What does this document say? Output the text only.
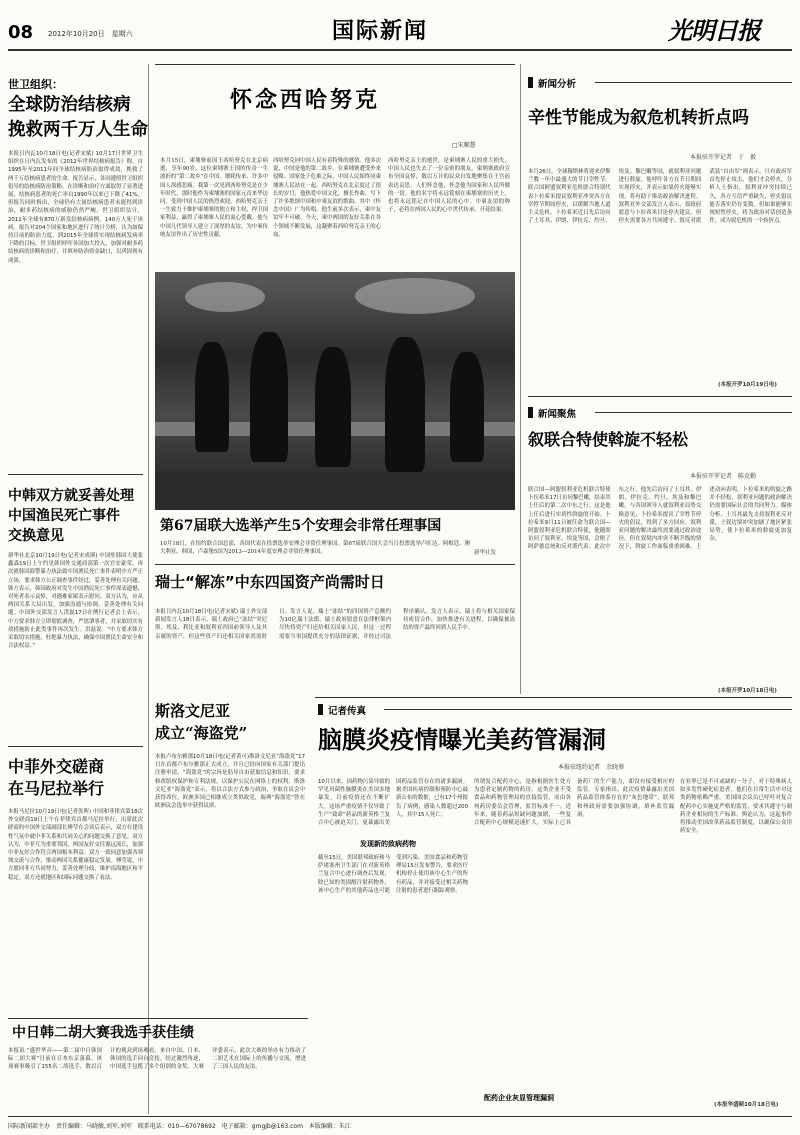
08 2012年10月20日　星期六	国际新闻	光明日报
世卫组织：
全球防治结核病
挽救两千万人生命
本报日内瓦10月18日电(记者宋斌) 10月17日世界卫生组织在日内瓦发布的《2012年世界结核病报告》称，自1995年至2011年间全球结核病防治取得成效，挽救了两千万结核病患者的生命。报告显示，各国遵照世卫组织倡导的结核病防治策略，在诊断和治疗方面取得了显著进展。结核病患者的死亡率自1990年以来已下降了41%。但报告同时指出，全球仍有大量结核病患者未能得到诊治，耐多药结核病的威胁仍然严峻。世卫组织估计，2011年全球有870万新发结核病病例，140万人死于该病。报告对204个国家和地区进行了统计分析，认为如保持目前的防治力度，到2015年全球将实现结核病发病率下降的目标。世卫组织呼吁各国加大投入，加强对耐多药结核病的诊断和治疗，并填补防治资金缺口，以巩固现有成果。
中韩双方就妥善处理
中国渔民死亡事件
交换意见
新华社北京10月19日电(记者宋成瑛) 中国驻韩国大使张鑫森19日上午约见韩国外交通商部第一次官安豪荣，再次就韩国海警暴力执法致中国渔民死亡事件表明中方严正立场，要求韩方公正调查事件经过，妥善处理有关问题。韩方表示，韩国政府对发生中国渔民死亡事件深表遗憾，对死者表示哀悼，对遇难家属表示慰问。双方认为，应从两国关系大局出发，加强沟通与协调，妥善处理有关问题。中国外交部发言人洪磊17日在例行记者会上表示，中方要求韩方立即彻底调查，严惩肇事者，并采取切实有效措施防止此类事件再次发生。洪磊说：“中方要求韩方采取切实措施，杜绝暴力执法，确保中国渔民生命安全和合法权益。”
中菲外交磋商
在马尼拉举行
本报马尼拉10月19日电(记者张晖) 中国和菲律宾第18次外交磋商19日上午在菲律宾首都马尼拉举行。出席此次磋商的中国外交部副部长傅莹在会谈后表示，双方在建设性气氛中就中菲关系和共同关心的问题交换了意见。双方认为，中菲互为重要邻国，两国友好交往源远流长，加强中菲友好合作符合两国根本利益。双方一致同意加强各领域交流与合作，推动两国关系健康稳定发展。傅莹说，中方愿同菲方共同努力，妥善处理分歧，维护南海地区和平稳定。双方还就地区和国际问题交换了看法。
怀念西哈努克
□宋顺慧
本月15日，柬埔寨前国王西哈努克在北京病逝，享年90岁。这位柬埔寨王国的传奇一生波折的“第二故乡”在中国。噩耗传来，许多中国人深感悲痛。我第一次见到西哈努克是在少年时代，那时他作为柬埔寨的国家元首来华访问，受到中国人民的热烈欢迎。西哈努克亲王一生致力于维护柬埔寨的独立和主权，捍卫国家利益，赢得了柬埔寨人民的衷心爱戴。他与中国几代领导人建立了深厚的友谊，为中柬传统友谊作出了历史性贡献。
西哈努克同中国人民有着特殊的感情。他多次说，中国是他的第二故乡。在柬埔寨遭受外来侵略、国家处于危难之际，中国人民始终同柬埔寨人民站在一起。西哈努克在北京度过了很长的岁月，他热爱中国文化，擅长作曲，写下了许多歌颂中国和中柬友谊的歌曲，其中《怀念中国》广为传唱。他生前多次表示，柬中友谊牢不可破。今天，柬中两国的友好关系在各个领域不断发展，这凝聚着西哈努克亲王的心血。
西哈努克亲王的逝世，是柬埔寨人民的重大损失，中国人民也失去了一位亲密的朋友。柬埔寨政府宣布全国哀悼，数以万计的民众自发地聚集在王宫前表达哀思。人们怀念他，怀念他为国家和人民所做的一切。他的名字将永远铭刻在柬埔寨的历史上，也将永远铭记在中国人民的心中。中柬友谊的种子，必将在两国人民的心中世代传承、开花结果。
第67届联大选举产生5个安理会非常任理事国
10月18日，在纽约联合国总部，各国代表在投票选举安理会非常任理事国。第67届联合国大会当日投票选举卢旺达、阿根廷、澳大利亚、韩国、卢森堡5国为2013—2014年度安理会非常任理事国。	新华社发
瑞士“解冻”中东四国资产尚需时日
本报日内瓦10月18日电(记者宋斌) 瑞士外交部新闻发言人18日表示，瑞士政府已“冻结”突尼斯、埃及、利比亚和叙利亚四国前领导人及其亲属的资产，但这些资产归还相关国家尚需时日。发言人说，瑞士“冻结”的四国资产总额约为10亿瑞士法郎，瑞士政府愿意在法律框架内尽快将资产归还给相关国家人民，但这一过程需要当事国提供充分的法律证据，并经过司法程序确认。发言人表示，瑞士将与相关国家保持密切合作，加快推进有关进程，以确保被冻结的资产最终回到人民手中。
斯洛文尼亚
成立“海盗党”
本报卢布尔雅那10月18日电(记者黄可)斯洛文尼亚“海盗党”17日在首都卢布尔雅那正式成立，并且已经向国家有关部门提出注册申请。“海盗党”的宗旨是倡导自由获取信息和知识，要求修改版权保护和专利法规，以保护公民在网络上的权利。斯洛文尼亚“海盗党”表示，将以合法方式参与政治，争取在议会中获得席位。欧洲多国已相继成立类似政党，瑞典“海盗党”曾在欧洲议会选举中获得议席。
中日韩二胡大赛我选手获佳绩
本报讯 “盛世华音——第二届中日韩国际二胡大赛”日前在日本东京落幕。该项赛事吸引了155名二胡选手，数以百计的观众到场观看。来自中国、日本、韩国的选手同台竞技。经过激烈角逐，中国选手包揽了多个组别的金奖。大赛评委表示，此次大赛的举办有力推动了二胡艺术在国际上的传播与交流，增进了三国人民的友谊。
新闻分析
辛性节能成为叙危机转折点吗
本报驻开罗记者　于　毅
本月26日，全球穆斯林将迎来伊斯兰教一年中最盛大的节日宰牲节。联合国阿盟叙利亚危机联合特别代表卜拉希米提议叙利亚冲突各方在宰牲节期间停火，以缓解当地人道主义危机。卜拉希米近日先后访问了土耳其、伊朗、伊拉克、约旦、埃及、黎巴嫩等国，就叙利亚问题进行斡旋。他呼吁各方在节日期间实现停火，并表示如果停火能够实现，将有助于推动政治解决进程。叙利亚外交部发言人表示，叙政府愿意与卜拉希米讨论停火建议，但停火需要各方共同遵守。叙反对派武装“自由军”则表示，只有政府军首先停止攻击，他们才会停火。分析人士指出，叙利亚冲突持续已久，各方互信严重缺失，停火倡议能否落实仍存变数。但如果能够实现短暂停火，将为政治对话创造条件，成为叙危机的一个转折点。
(本报开罗10月19日电)
新闻聚焦
叙联合特使斡旋不轻松
本报驻开罗记者　陈克勤
联合国—阿盟叙利亚危机联合特使卜拉希米17日访问黎巴嫩，结束其上任后的第二次中东之行。这是他上任后进行实质性斡旋的开始。卜拉希米9月11日被任命为联合国—阿盟叙利亚危机联合特使，他随即访问了叙利亚、埃及等国，会晤了阿萨德总统和反对派代表。此次中东之行，他先后访问了土耳其、伊朗、伊拉克、约旦、埃及和黎巴嫩，与各国领导人就叙利亚局势交换意见。卜拉希米提出了宰牲节停火的倡议，得到了多方回应。叙利亚问题的解决最终需要通过政治途径，但在叙境内冲突不断升级的情况下，斡旋工作面临重重困难。上述动向表明，卜拉希米的斡旋之路并不轻松，叙利亚问题的政治解决仍需要国际社会的共同努力。媒体分析，土耳其最先支持叙利亚反对派，土叙边境冲突加剧了地区紧张局势，使卜拉希米的斡旋更加复杂。
(本报开罗10月18日电)
记者传真
脑膜炎疫情曝光美药管漏洞
本报驻纽约记者　余晓葵
10月以来，因药物污染导致的罕见真菌性脑膜炎在美国多地暴发，目前疫情还在不断扩大。这场严重疫情不仅导致了生产“致命”药品的新英格兰复合中心被迫关门，更暴露出美国药品监管存在的诸多漏洞。据美国疾病控制和预防中心最新公布的数据，已有17个州报告了病例，感染人数超过200人，其中15人死亡。
发现新的致病药物
截至15日，美国联邦政府和马萨诸塞州卫生部门在对新英格兰复合中心进行调查后发现，除已知的类固醇注射药物外，该中心生产的其他药品也可能受到污染。美国食品和药物管理局15日发布警告，要求医疗机构停止使用该中心生产的所有药品，并对接受过相关药物注射的患者进行跟踪观察。
所谓复合配药中心，是指根据医生处方为患者定制药物的药房。这类企业不受食品和药物管理局的直接监管，而由各州药房委员会管理，监管标准不一。近年来，随着药品短缺问题加剧，一些复合配药中心规模迅速扩大，实际上已具备药厂的生产能力，却没有接受相应的监管。专家指出，此次疫情暴露出美国药品监管体系存在的“灰色地带”，联邦和州政府需要加强协调，填补监管漏洞。
配药企业灰显管理漏洞
在业界已是不可或缺的一分子。对于特殊病人如多发性硬化症患者，他们在日常生活中对这类药物依赖严重。美国国会议员已呼吁对复合配药中心实施更严格的监管，要求其遵守与制药企业相同的生产标准。舆论认为，这起事件将推动美国改革药品监管制度，以确保公众用药安全。
(本报华盛顿10月18日电)
国际新闻部主办　责任编辑：马晓敏,刘军,刘军　联系电话：010—67078692　电子邮箱：gmgjb@163.com　本版编辑：朱江
